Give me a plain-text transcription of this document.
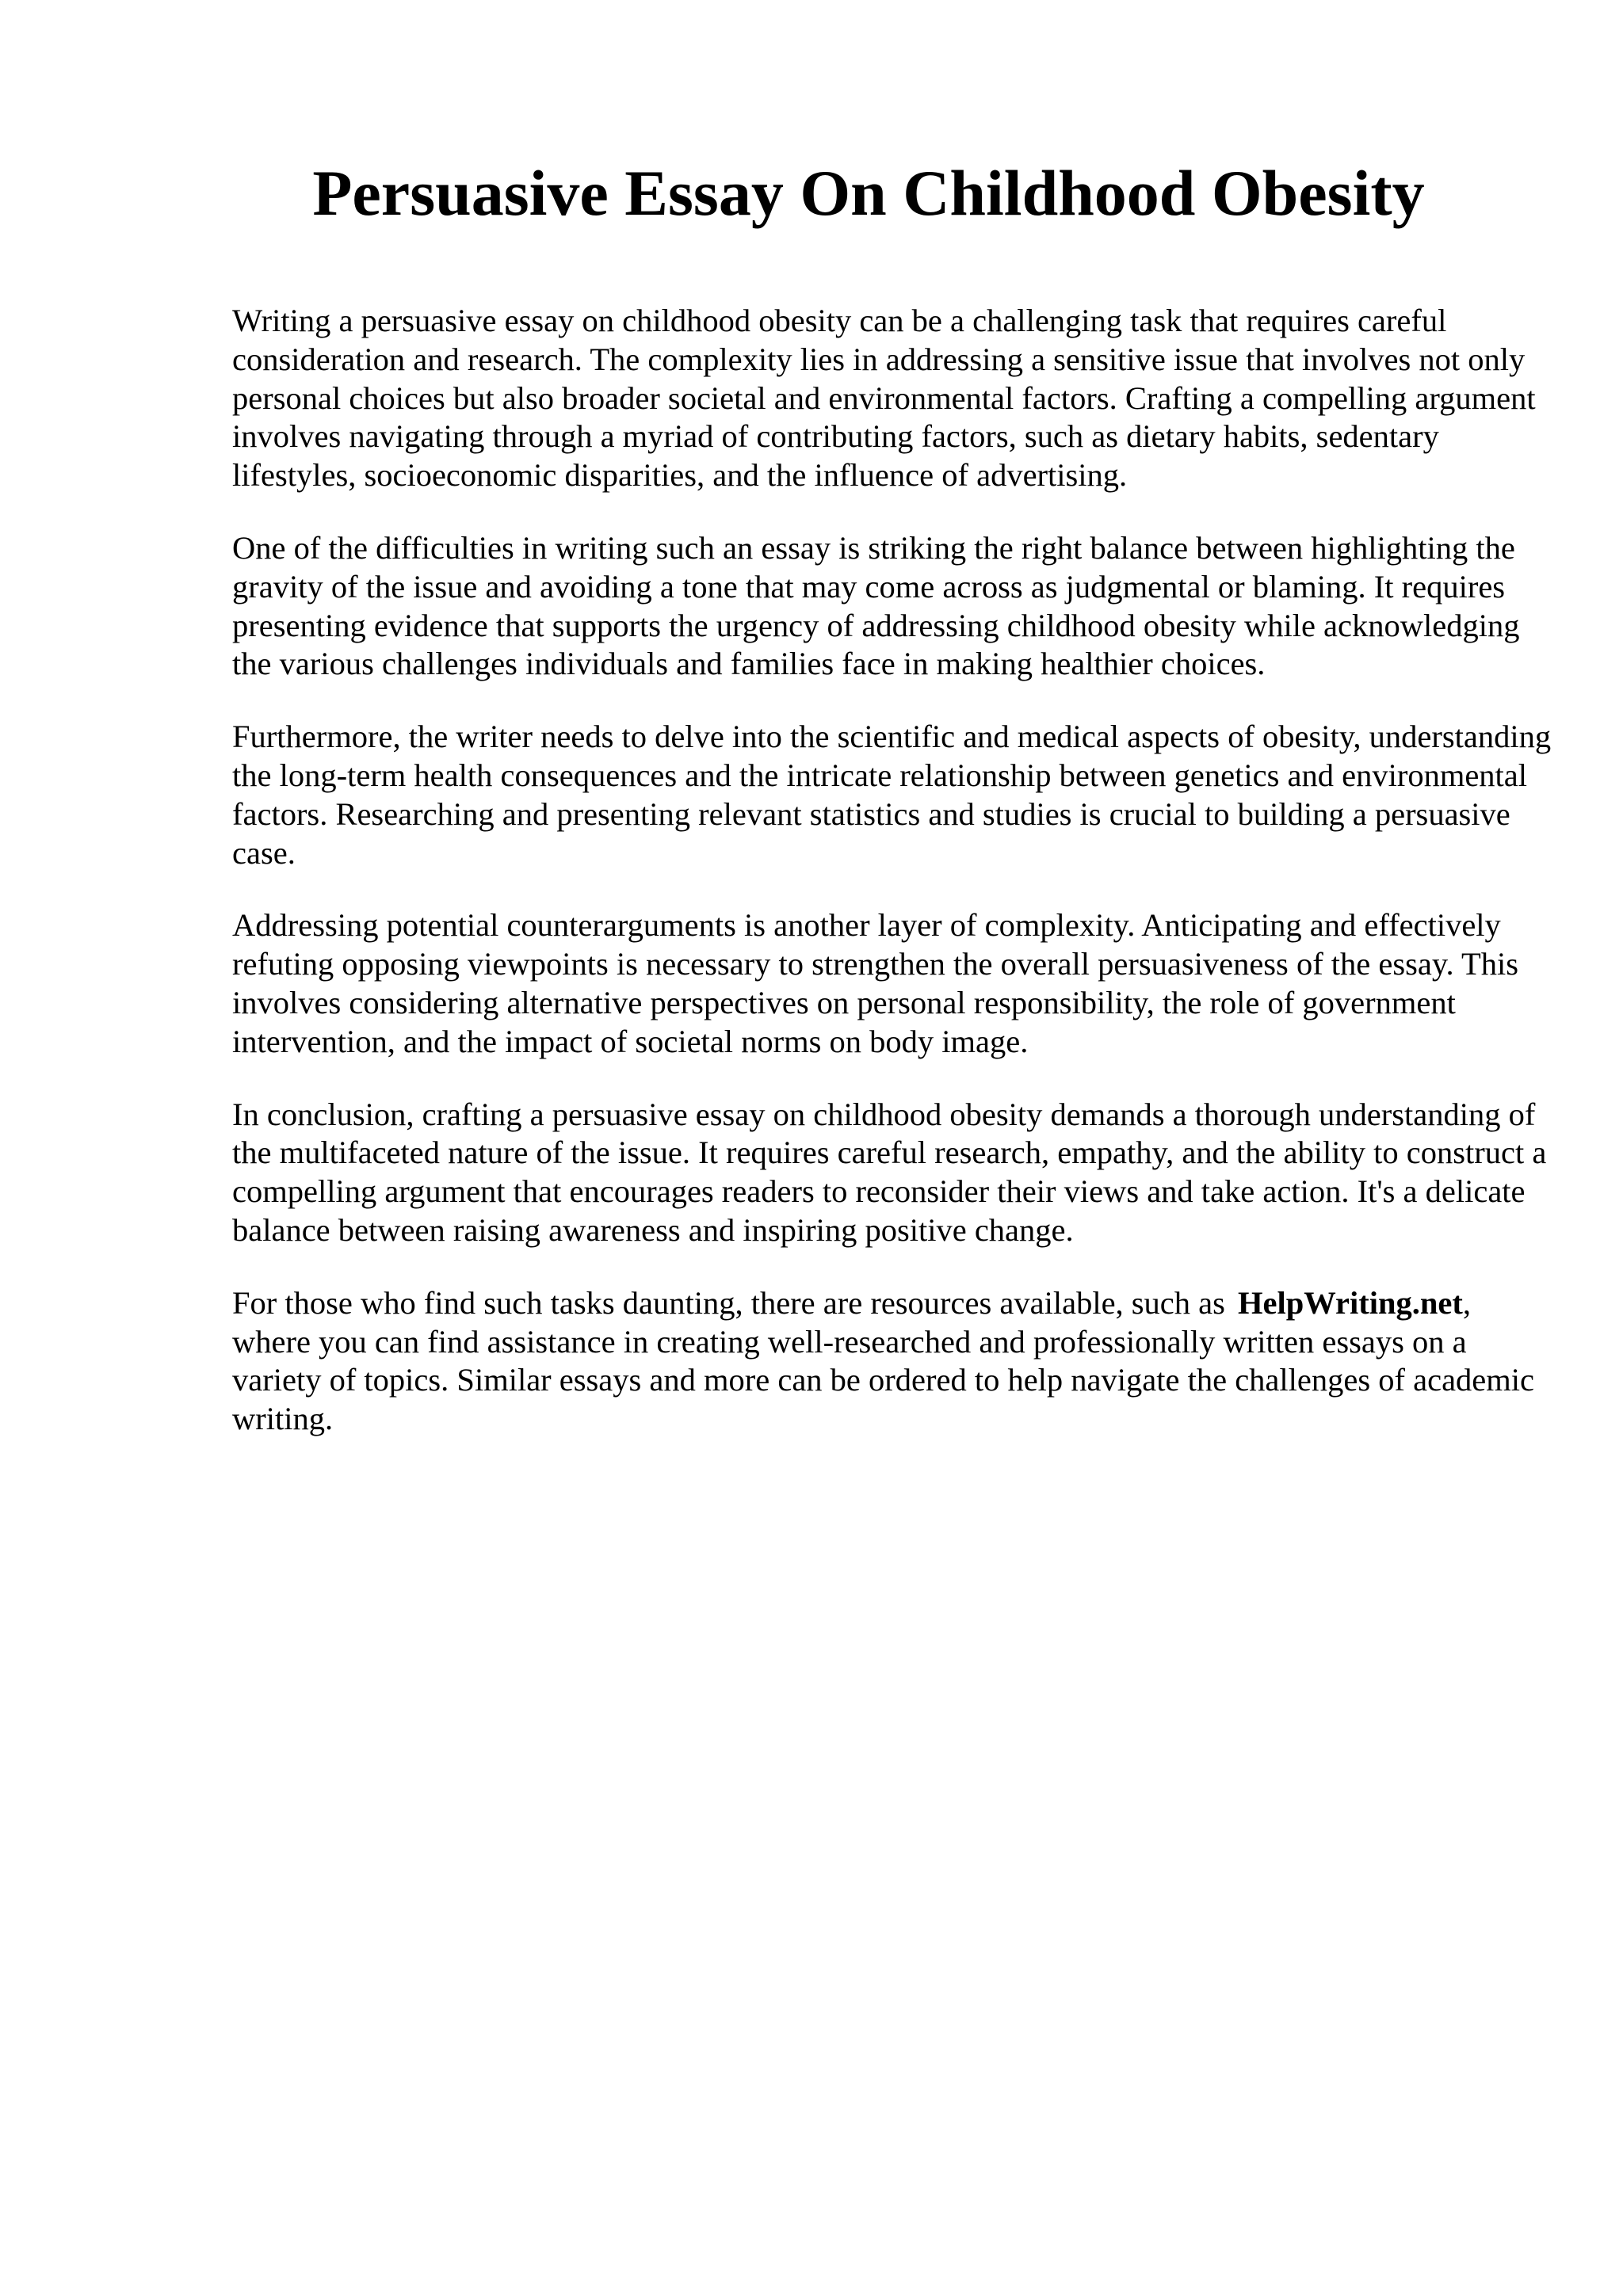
Persuasive Essay On Childhood Obesity

Writing a persuasive essay on childhood obesity can be a challenging task that requires careful consideration and research. The complexity lies in addressing a sensitive issue that involves not only personal choices but also broader societal and environmental factors. Crafting a compelling argument involves navigating through a myriad of contributing factors, such as dietary habits, sedentary lifestyles, socioeconomic disparities, and the influence of advertising.

One of the difficulties in writing such an essay is striking the right balance between highlighting the gravity of the issue and avoiding a tone that may come across as judgmental or blaming. It requires presenting evidence that supports the urgency of addressing childhood obesity while acknowledging the various challenges individuals and families face in making healthier choices.

Furthermore, the writer needs to delve into the scientific and medical aspects of obesity, understanding the long-term health consequences and the intricate relationship between genetics and environmental factors. Researching and presenting relevant statistics and studies is crucial to building a persuasive case.

Addressing potential counterarguments is another layer of complexity. Anticipating and effectively refuting opposing viewpoints is necessary to strengthen the overall persuasiveness of the essay. This involves considering alternative perspectives on personal responsibility, the role of government intervention, and the impact of societal norms on body image.

In conclusion, crafting a persuasive essay on childhood obesity demands a thorough understanding of the multifaceted nature of the issue. It requires careful research, empathy, and the ability to construct a compelling argument that encourages readers to reconsider their views and take action. It's a delicate balance between raising awareness and inspiring positive change.

For those who find such tasks daunting, there are resources available, such as HelpWriting.net, where you can find assistance in creating well-researched and professionally written essays on a variety of topics. Similar essays and more can be ordered to help navigate the challenges of academic writing.
